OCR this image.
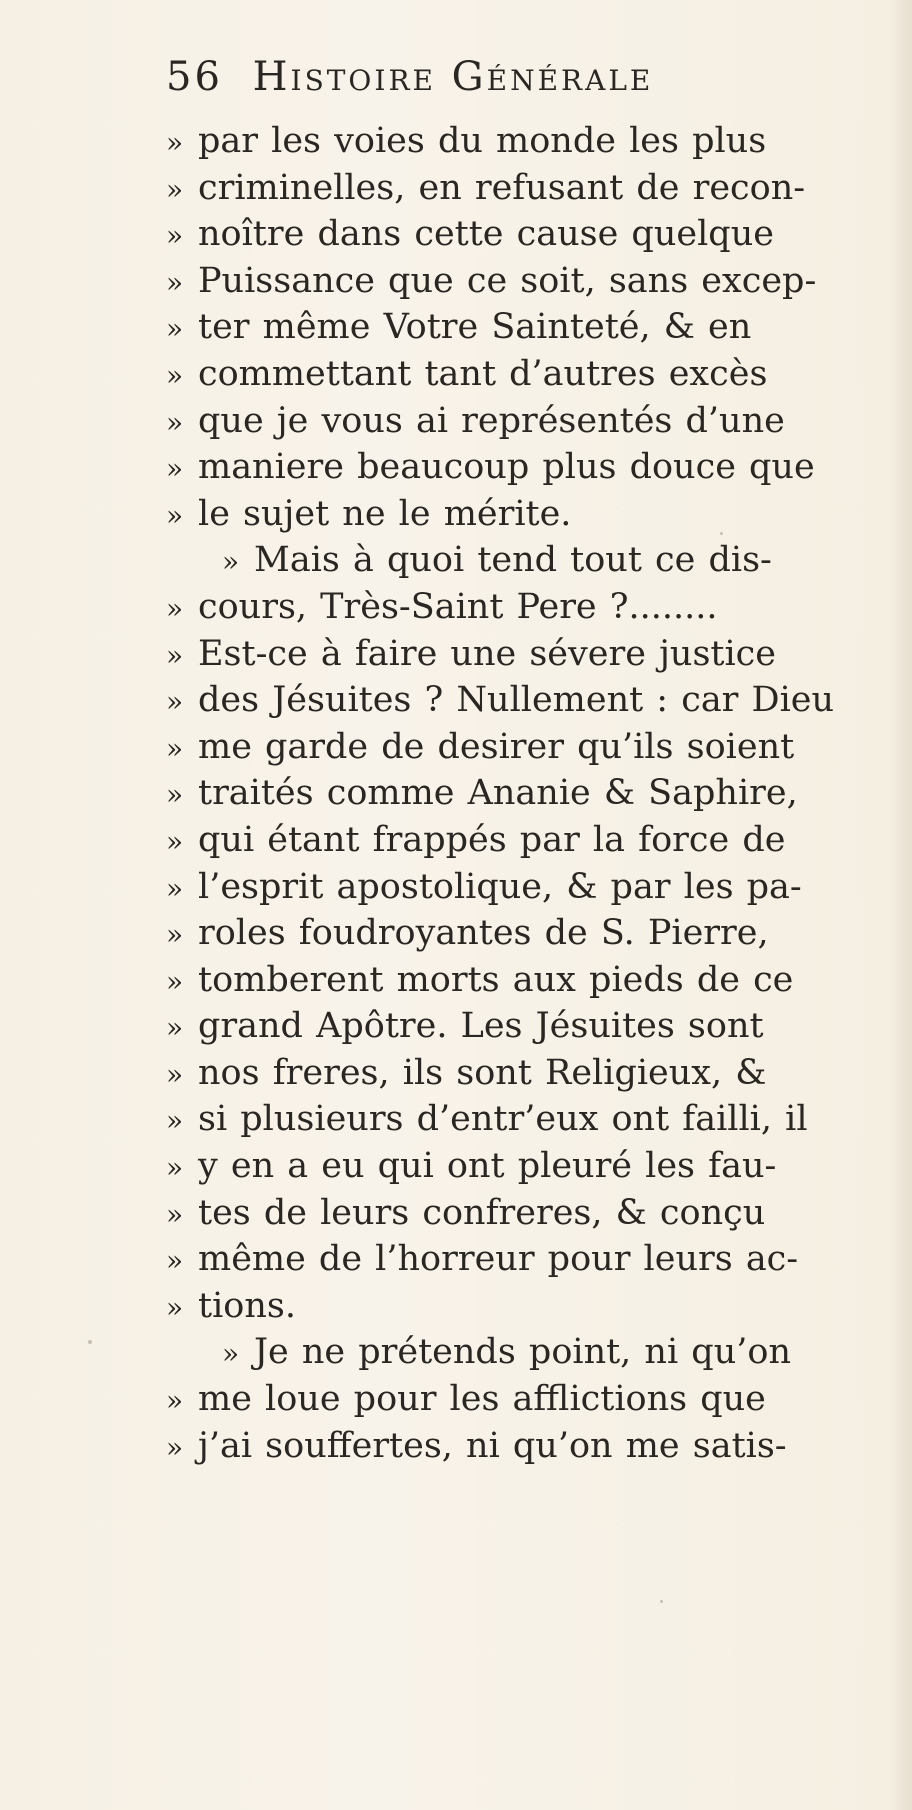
56 Histoire Générale
» par les voies du monde les plus
» criminelles, en refusant de recon-
» noître dans cette cause quelque
» Puissance que ce soit, sans excep-
» ter même Votre Sainteté, & en
» commettant tant d’autres excès
» que je vous ai représentés d’une
» maniere beaucoup plus douce que
» le sujet ne le mérite.
» Mais à quoi tend tout ce dis-
» cours, Très-Saint Pere ?........
» Est-ce à faire une sévere justice
» des Jésuites ? Nullement : car Dieu
» me garde de desirer qu’ils soient
» traités comme Ananie & Saphire,
» qui étant frappés par la force de
» l’esprit apostolique, & par les pa-
» roles foudroyantes de S. Pierre,
» tomberent morts aux pieds de ce
» grand Apôtre. Les Jésuites sont
» nos freres, ils sont Religieux, &
» si plusieurs d’entr’eux ont failli, il
» y en a eu qui ont pleuré les fau-
» tes de leurs confreres, & conçu
» même de l’horreur pour leurs ac-
» tions.
» Je ne prétends point, ni qu’on
» me loue pour les afflictions que
» j’ai souffertes, ni qu’on me satis-
